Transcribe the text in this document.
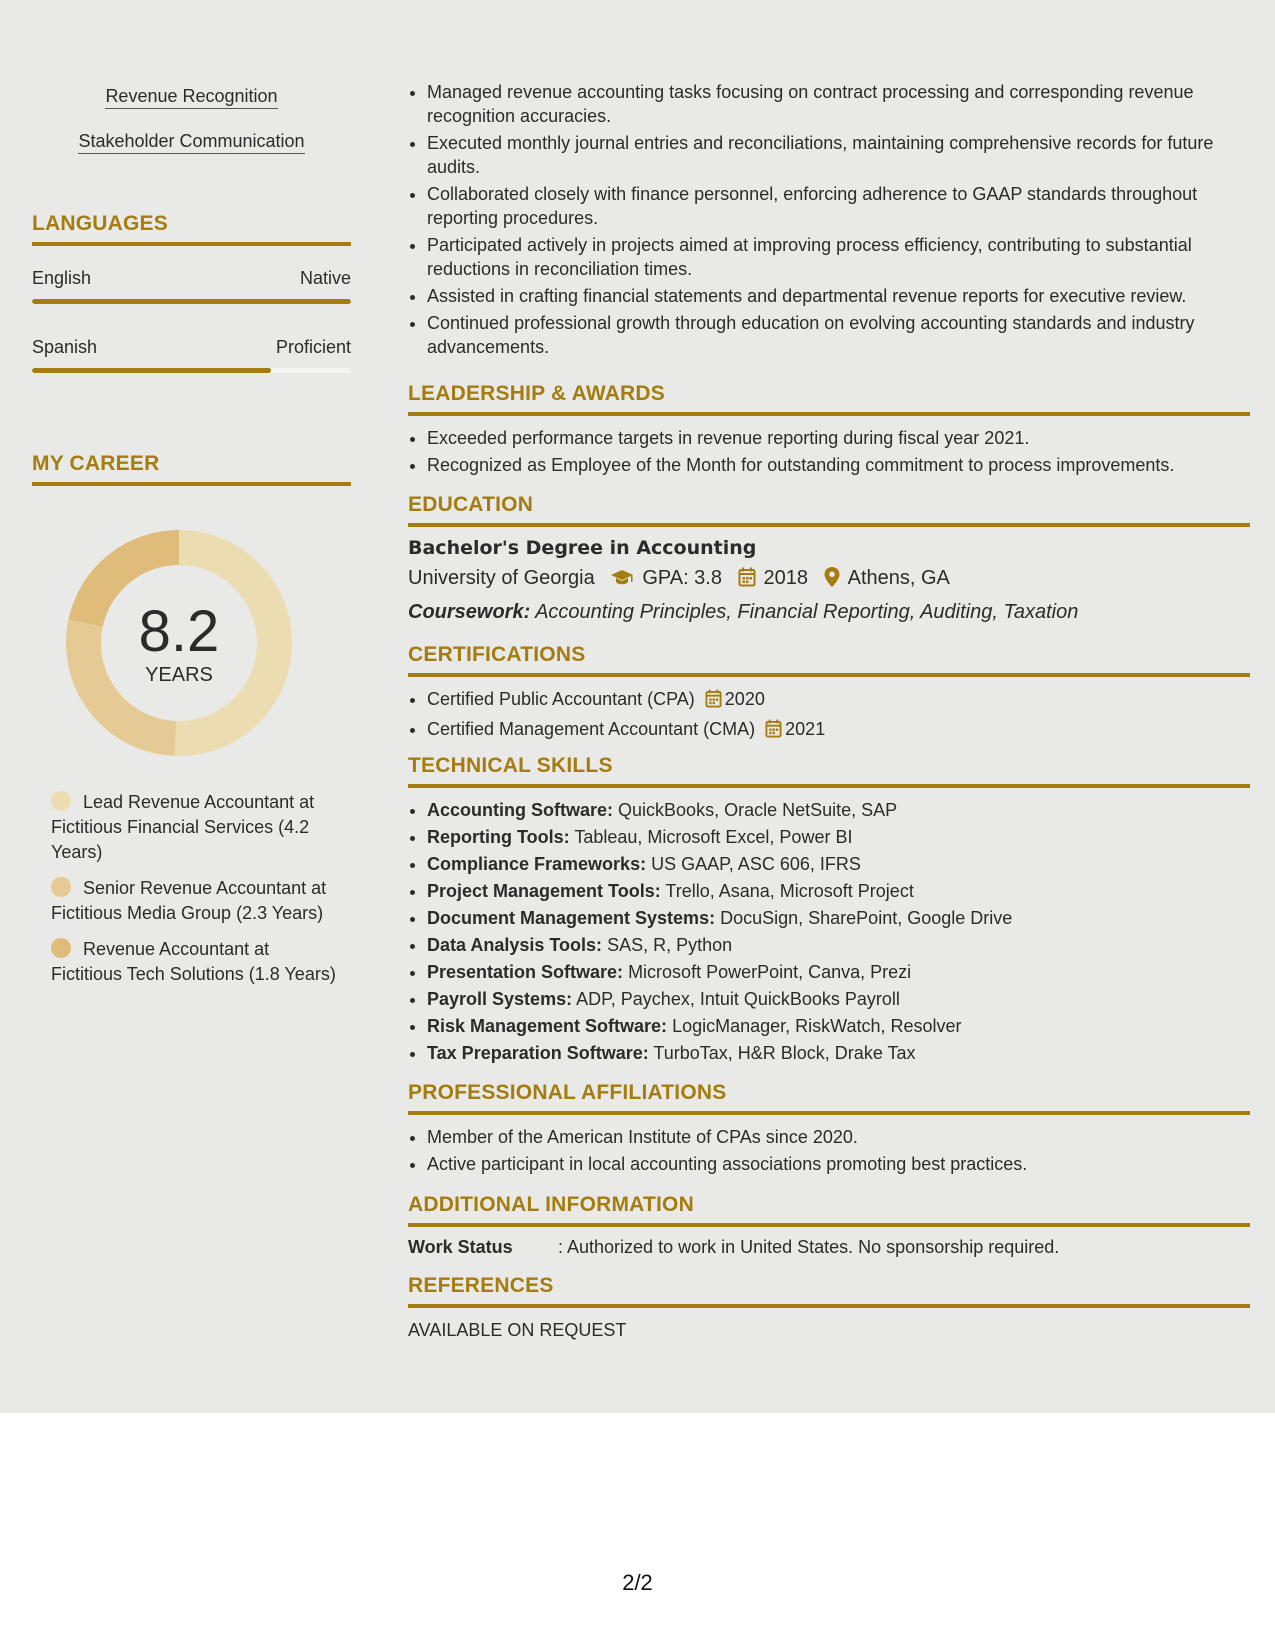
Revenue Recognition
Stakeholder Communication
LANGUAGES
English	Native
Spanish	Proficient
MY CAREER
8.2
YEARS
Lead Revenue Accountant at Fictitious Financial Services (4.2 Years)
Senior Revenue Accountant at Fictitious Media Group (2.3 Years)
Revenue Accountant at Fictitious Tech Solutions (1.8 Years)
• Managed revenue accounting tasks focusing on contract processing and corresponding revenue recognition accuracies.
• Executed monthly journal entries and reconciliations, maintaining comprehensive records for future audits.
• Collaborated closely with finance personnel, enforcing adherence to GAAP standards throughout reporting procedures.
• Participated actively in projects aimed at improving process efficiency, contributing to substantial reductions in reconciliation times.
• Assisted in crafting financial statements and departmental revenue reports for executive review.
• Continued professional growth through education on evolving accounting standards and industry advancements.
LEADERSHIP & AWARDS
• Exceeded performance targets in revenue reporting during fiscal year 2021.
• Recognized as Employee of the Month for outstanding commitment to process improvements.
EDUCATION
Bachelor's Degree in Accounting
University of Georgia GPA: 3.8 2018 Athens, GA
Coursework: Accounting Principles, Financial Reporting, Auditing, Taxation
CERTIFICATIONS
• Certified Public Accountant (CPA) 2020
• Certified Management Accountant (CMA) 2021
TECHNICAL SKILLS
• Accounting Software: QuickBooks, Oracle NetSuite, SAP
• Reporting Tools: Tableau, Microsoft Excel, Power BI
• Compliance Frameworks: US GAAP, ASC 606, IFRS
• Project Management Tools: Trello, Asana, Microsoft Project
• Document Management Systems: DocuSign, SharePoint, Google Drive
• Data Analysis Tools: SAS, R, Python
• Presentation Software: Microsoft PowerPoint, Canva, Prezi
• Payroll Systems: ADP, Paychex, Intuit QuickBooks Payroll
• Risk Management Software: LogicManager, RiskWatch, Resolver
• Tax Preparation Software: TurboTax, H&R Block, Drake Tax
PROFESSIONAL AFFILIATIONS
• Member of the American Institute of CPAs since 2020.
• Active participant in local accounting associations promoting best practices.
ADDITIONAL INFORMATION
Work Status	: Authorized to work in United States. No sponsorship required.
REFERENCES
AVAILABLE ON REQUEST
2/2
